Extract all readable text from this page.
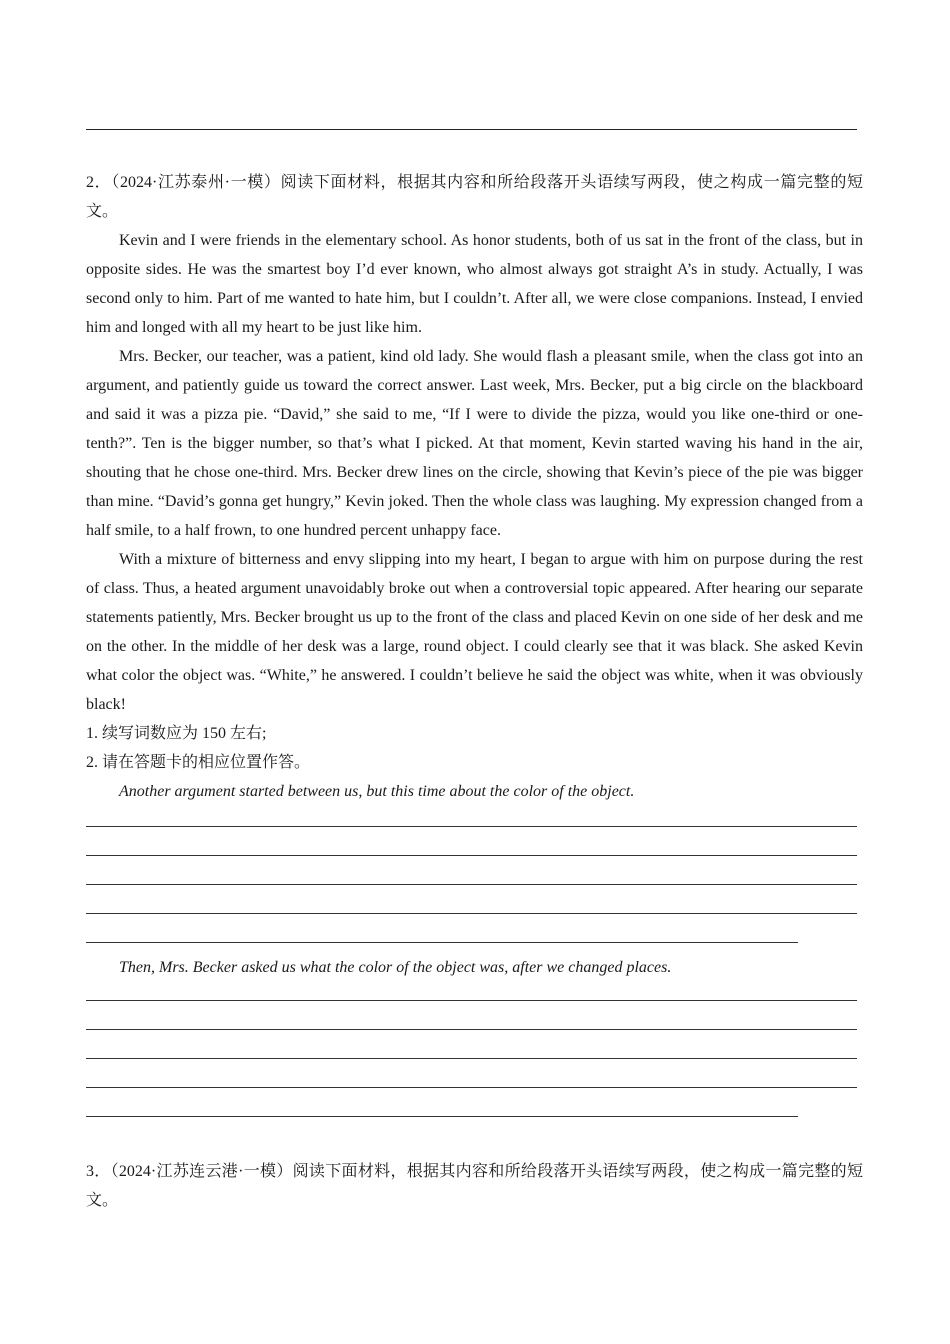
2．（2024·江苏泰州·一模）阅读下面材料，根据其内容和所给段落开头语续写两段，使之构成一篇完整的短文。

Kevin and I were friends in the elementary school. As honor students, both of us sat in the front of the class, but in opposite sides. He was the smartest boy I’d ever known, who almost always got straight A’s in study. Actually, I was second only to him. Part of me wanted to hate him, but I couldn’t. After all, we were close companions. Instead, I envied him and longed with all my heart to be just like him.

Mrs. Becker, our teacher, was a patient, kind old lady. She would flash a pleasant smile, when the class got into an argument, and patiently guide us toward the correct answer. Last week, Mrs. Becker, put a big circle on the blackboard and said it was a pizza pie. “David,” she said to me, “If I were to divide the pizza, would you like one-third or one-tenth?”. Ten is the bigger number, so that’s what I picked. At that moment, Kevin started waving his hand in the air, shouting that he chose one-third. Mrs. Becker drew lines on the circle, showing that Kevin’s piece of the pie was bigger than mine. “David’s gonna get hungry,” Kevin joked. Then the whole class was laughing. My expression changed from a half smile, to a half frown, to one hundred percent unhappy face.

With a mixture of bitterness and envy slipping into my heart, I began to argue with him on purpose during the rest of class. Thus, a heated argument unavoidably broke out when a controversial topic appeared. After hearing our separate statements patiently, Mrs. Becker brought us up to the front of the class and placed Kevin on one side of her desk and me on the other. In the middle of her desk was a large, round object. I could clearly see that it was black. She asked Kevin what color the object was. “White,” he answered. I couldn’t believe he said the object was white, when it was obviously black!

1. 续写词数应为 150 左右;

2. 请在答题卡的相应位置作答。

Another argument started between us, but this time about the color of the object.

Then, Mrs. Becker asked us what the color of the object was, after we changed places.

3．（2024·江苏连云港·一模）阅读下面材料，根据其内容和所给段落开头语续写两段，使之构成一篇完整的短文。
